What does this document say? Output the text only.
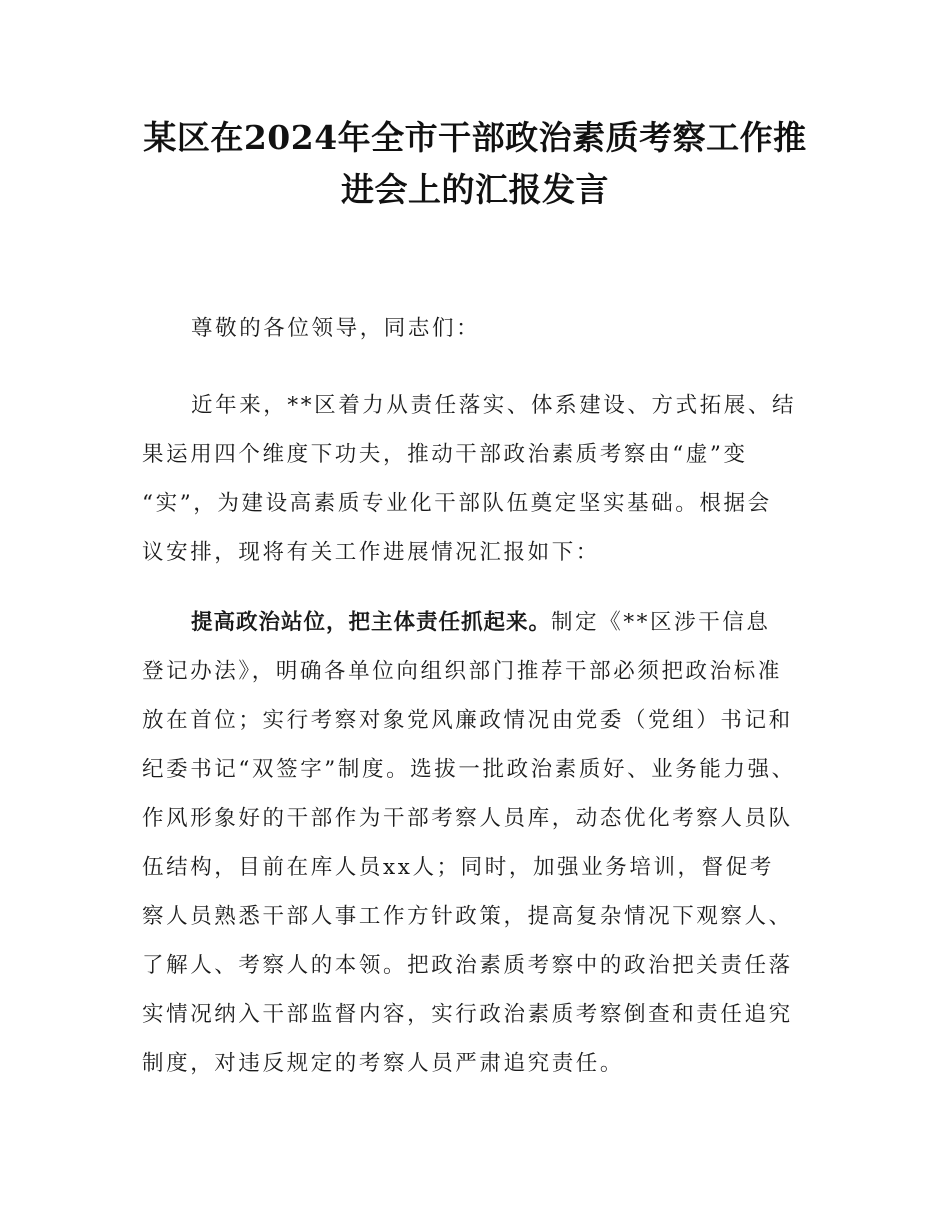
某区在2024年全市干部政治素质考察工作推
进会上的汇报发言

尊敬的各位领导，同志们：

近年来，**区着力从责任落实、体系建设、方式拓展、结
果运用四个维度下功夫，推动干部政治素质考察由“虚”变
“实”，为建设高素质专业化干部队伍奠定坚实基础。根据会
议安排，现将有关工作进展情况汇报如下：

提高政治站位，把主体责任抓起来。制定《**区涉干信息
登记办法》，明确各单位向组织部门推荐干部必须把政治标准
放在首位；实行考察对象党风廉政情况由党委（党组）书记和
纪委书记“双签字”制度。选拔一批政治素质好、业务能力强、
作风形象好的干部作为干部考察人员库，动态优化考察人员队
伍结构，目前在库人员xx人；同时，加强业务培训，督促考
察人员熟悉干部人事工作方针政策，提高复杂情况下观察人、
了解人、考察人的本领。把政治素质考察中的政治把关责任落
实情况纳入干部监督内容，实行政治素质考察倒查和责任追究
制度，对违反规定的考察人员严肃追究责任。
